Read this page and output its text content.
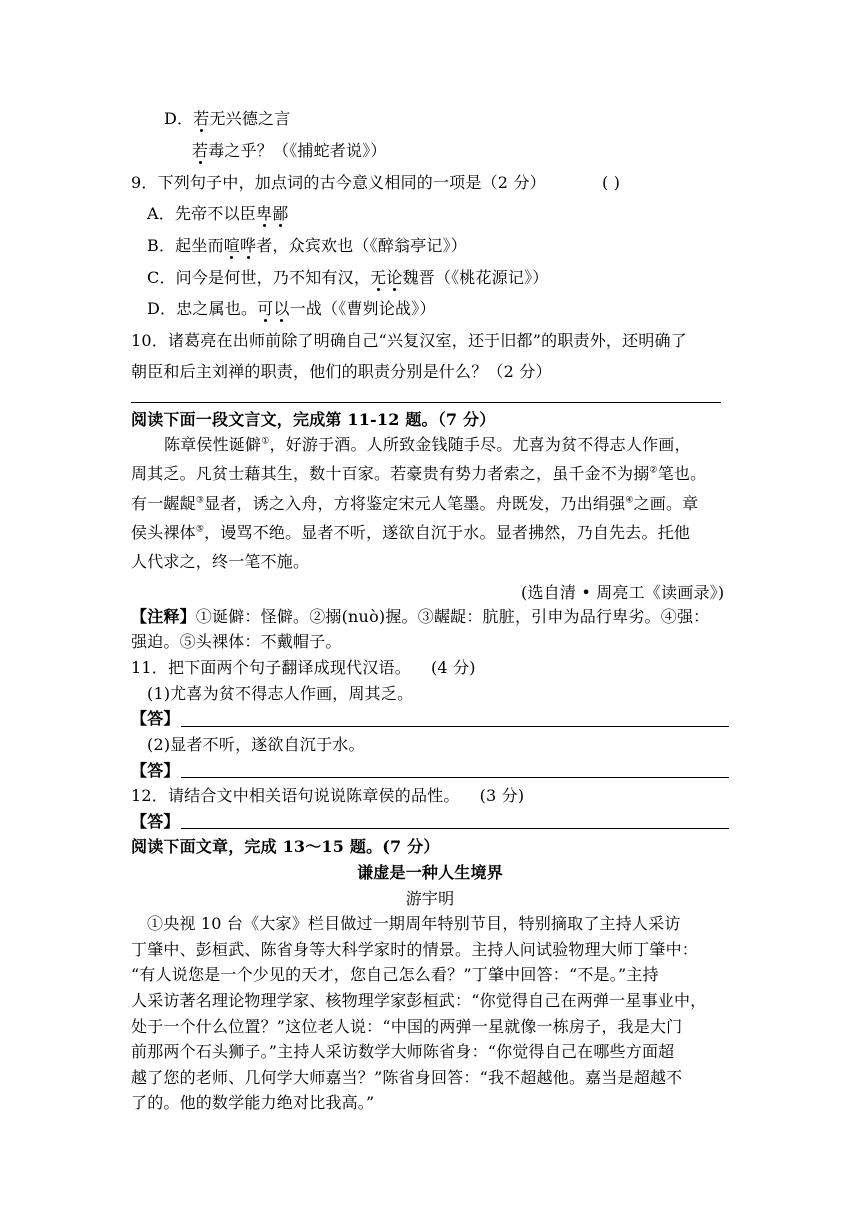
D．若无兴德之言
若毒之乎？（《捕蛇者说》）
9．下列句子中，加点词的古今意义相同的一项是（2 分）	( )
A．先帝不以臣卑鄙
B．起坐而喧哗者，众宾欢也（《醉翁亭记》）
C．问今是何世，乃不知有汉，无论魏晋（《桃花源记》）
D．忠之属也。可以一战（《曹刿论战》）
10．诸葛亮在出师前除了明确自己“兴复汉室，还于旧都”的职责外，还明确了
朝臣和后主刘禅的职责，他们的职责分别是什么？（2 分）
阅读下面一段文言文，完成第 11-12 题。（7 分）
陈章侯性诞僻①，好游于酒。人所致金钱随手尽。尤喜为贫不得志人作画，
周其乏。凡贫士藉其生，数十百家。若豪贵有势力者索之，虽千金不为搦②笔也。
有一龌龊③显者，诱之入舟，方将鉴定宋元人笔墨。舟既发，乃出绢强④之画。章
侯头裸体⑤，谩骂不绝。显者不听，遂欲自沉于水。显者拂然，乃自先去。托他
人代求之，终一笔不施。
(选自清 • 周亮工《读画录》)
【注释】①诞僻：怪僻。②搦(nuò)握。③龌龊：肮脏，引申为品行卑劣。④强：
强迫。⑤头裸体：不戴帽子。
11．把下面两个句子翻译成现代汉语。 (4 分)
(1)尤喜为贫不得志人作画，周其乏。
【答】
(2)显者不听，遂欲自沉于水。
【答】
12．请结合文中相关语句说说陈章侯的品性。 (3 分)
【答】
阅读下面文章，完成 13～15 题。(7 分）
谦虚是一种人生境界
游宇明
①央视 10 台《大家》栏目做过一期周年特别节目，特别摘取了主持人采访
丁肇中、彭桓武、陈省身等大科学家时的情景。主持人问试验物理大师丁肇中：
“有人说您是一个少见的天才，您自己怎么看？”丁肇中回答：“不是。”主持
人采访著名理论物理学家、核物理学家彭桓武：“你觉得自己在两弹一星事业中，
处于一个什么位置？”这位老人说：“中国的两弹一星就像一栋房子，我是大门
前那两个石头狮子。”主持人采访数学大师陈省身：“你觉得自己在哪些方面超
越了您的老师、几何学大师嘉当？”陈省身回答：“我不超越他。嘉当是超越不
了的。他的数学能力绝对比我高。”
